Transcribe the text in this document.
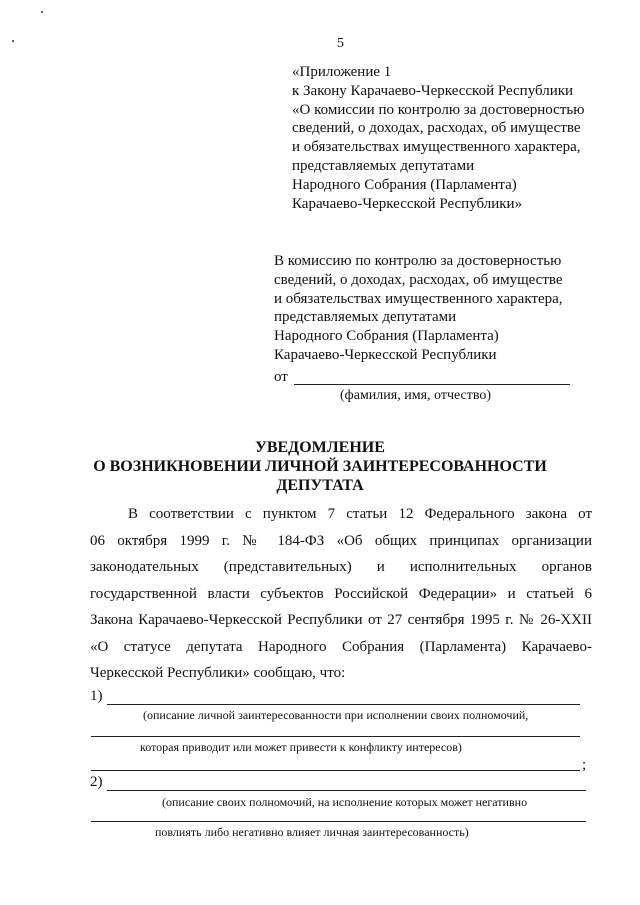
5
«Приложение 1
к Закону Карачаево-Черкесской Республики
«О комиссии по контролю за достоверностью
сведений, о доходах, расходах, об имуществе
и обязательствах имущественного характера,
представляемых депутатами
Народного Собрания (Парламента)
Карачаево-Черкесской Республики»
В комиссию по контролю за достоверностью
сведений, о доходах, расходах, об имуществе
и обязательствах имущественного характера,
представляемых депутатами
Народного Собрания (Парламента)
Карачаево-Черкесской Республики
от
(фамилия, имя, отчество)
УВЕДОМЛЕНИЕ
О ВОЗНИКНОВЕНИИ ЛИЧНОЙ ЗАИНТЕРЕСОВАННОСТИ
ДЕПУТАТА
В соответствии с пунктом 7 статьи 12 Федерального закона от
06 октября 1999 г. № 184-ФЗ «Об общих принципах организации
законодательных (представительных) и исполнительных органов
государственной власти субъектов Российской Федерации» и статьей 6
Закона Карачаево-Черкесской Республики от 27 сентября 1995 г. № 26-XXII
«О статусе депутата Народного Собрания (Парламента) Карачаево-
Черкесской Республики» сообщаю, что:
1)
(описание личной заинтересованности при исполнении своих полномочий,
которая приводит или может привести к конфликту интересов)
;
2)
(описание своих полномочий, на исполнение которых может негативно
повлиять либо негативно влияет личная заинтересованность)
